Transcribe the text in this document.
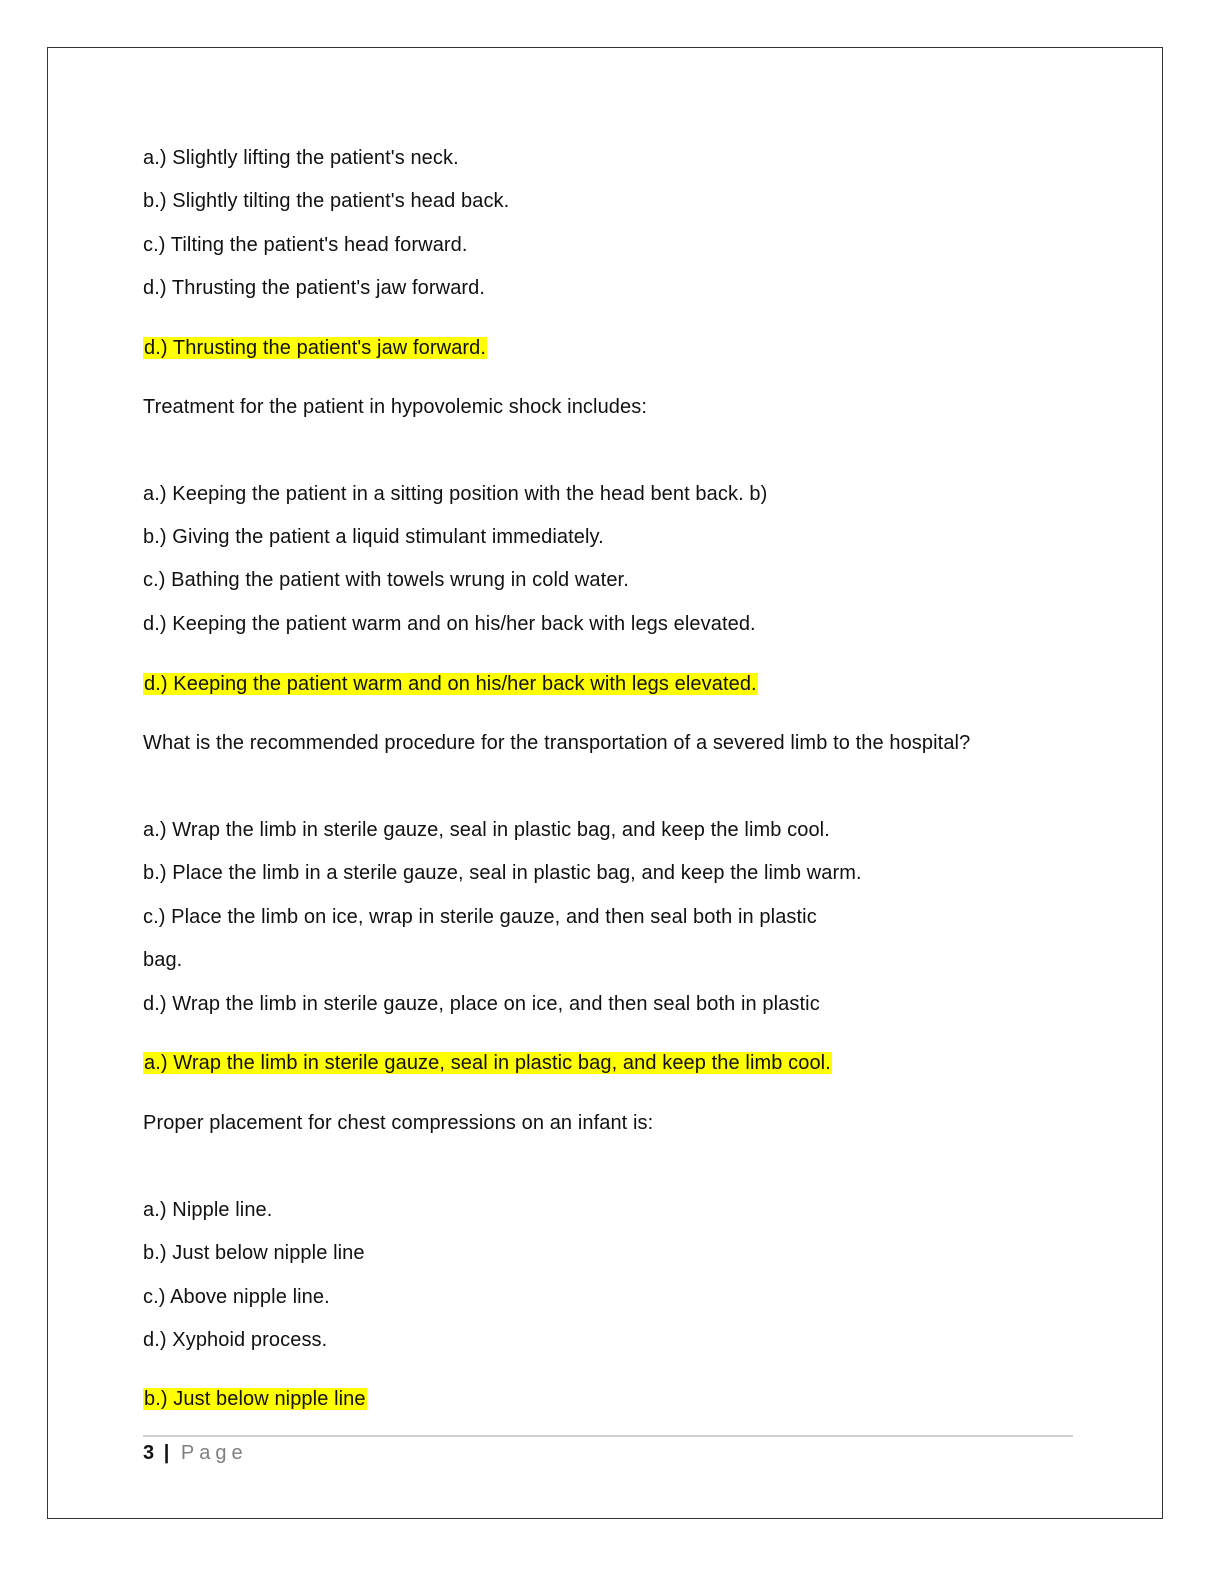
a.) Slightly lifting the patient's neck.
b.) Slightly tilting the patient's head back.
c.) Tilting the patient's head forward.
d.) Thrusting the patient's jaw forward.
d.) Thrusting the patient's jaw forward.
Treatment for the patient in hypovolemic shock includes:
a.) Keeping the patient in a sitting position with the head bent back. b)
b.) Giving the patient a liquid stimulant immediately.
c.) Bathing the patient with towels wrung in cold water.
d.) Keeping the patient warm and on his/her back with legs elevated.
d.) Keeping the patient warm and on his/her back with legs elevated.
What is the recommended procedure for the transportation of a severed limb to the hospital?
a.) Wrap the limb in sterile gauze, seal in plastic bag, and keep the limb cool.
b.) Place the limb in a sterile gauze, seal in plastic bag, and keep the limb warm.
c.) Place the limb on ice, wrap in sterile gauze, and then seal both in plastic
bag.
d.) Wrap the limb in sterile gauze, place on ice, and then seal both in plastic
a.) Wrap the limb in sterile gauze, seal in plastic bag, and keep the limb cool.
Proper placement for chest compressions on an infant is:
a.) Nipple line.
b.) Just below nipple line
c.) Above nipple line.
d.) Xyphoid process.
b.) Just below nipple line
3 | Page
